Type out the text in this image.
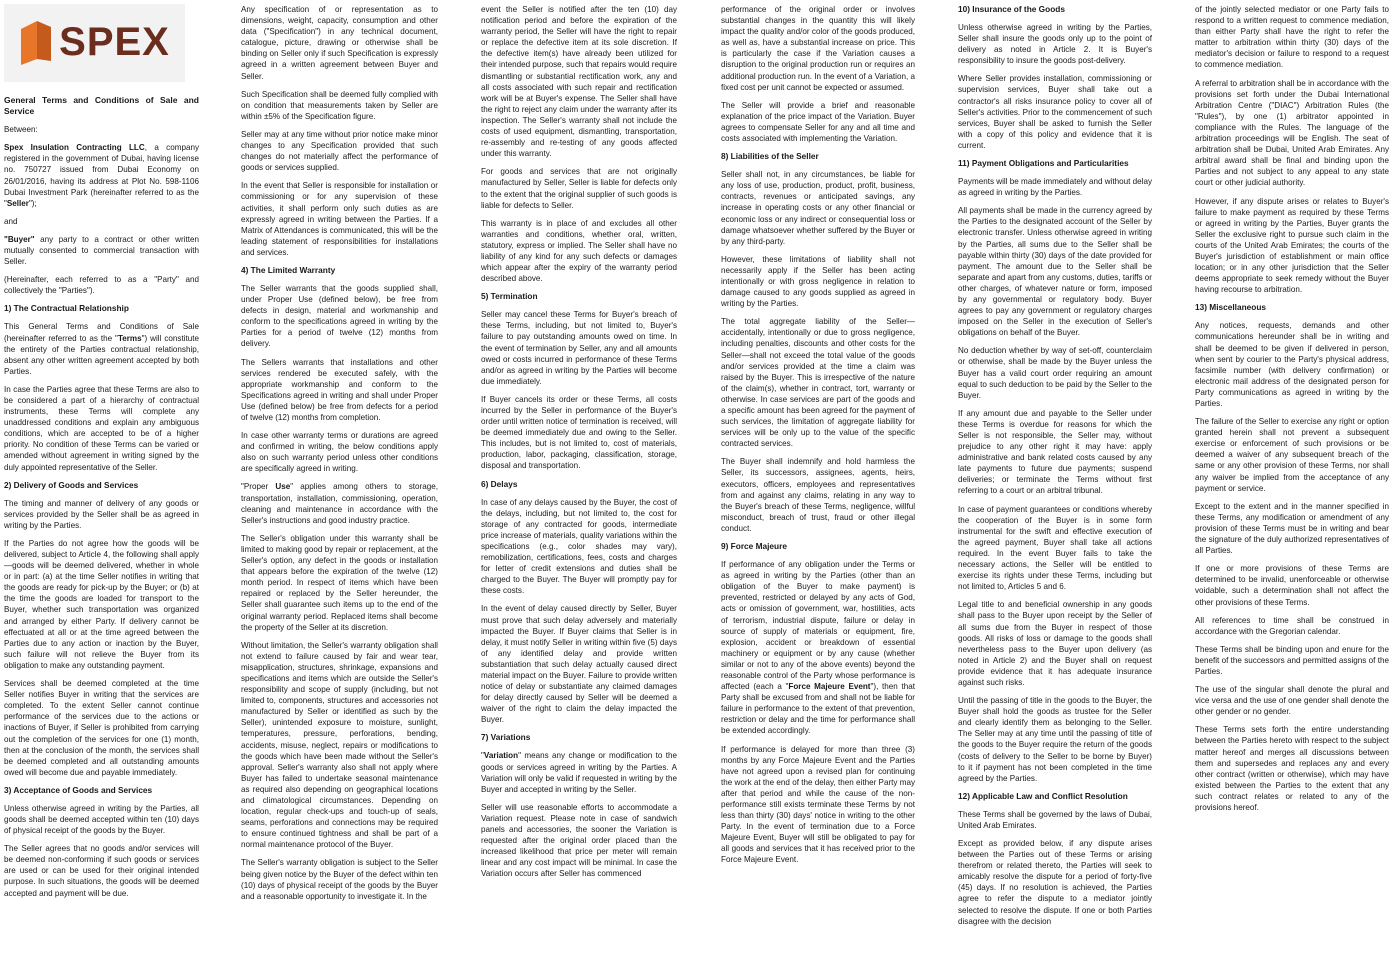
SPEX

General Terms and Conditions of Sale and Service

Between:

Spex Insulation Contracting LLC, a company registered in the government of Dubai, having license no. 750727 issued from Dubai Economy on 26/01/2016, having its address at Plot No. 598-1106 Dubai Investment Park (hereinafter referred to as the "Seller");

and

"Buyer" any party to a contract or other written mutually consented to commercial transaction with Seller.

(Hereinafter, each referred to as a "Party" and collectively the "Parties").

1) The Contractual Relationship

This General Terms and Conditions of Sale (hereinafter referred to as the "Terms") will constitute the entirety of the Parties contractual relationship, absent any other written agreement accepted by both Parties.

In case the Parties agree that these Terms are also to be considered a part of a hierarchy of contractual instruments, these Terms will complete any unaddressed conditions and explain any ambiguous conditions, which are accepted to be of a higher priority. No condition of these Terms can be varied or amended without agreement in writing signed by the duly appointed representative of the Seller.

2) Delivery of Goods and Services

The timing and manner of delivery of any goods or services provided by the Seller shall be as agreed in writing by the Parties.

If the Parties do not agree how the goods will be delivered, subject to Article 4, the following shall apply—goods will be deemed delivered, whether in whole or in part: (a) at the time Seller notifies in writing that the goods are ready for pick-up by the Buyer; or (b) at the time the goods are loaded for transport to the Buyer, whether such transportation was organized and arranged by either Party. If delivery cannot be effectuated at all or at the time agreed between the Parties due to any action or inaction by the Buyer, such failure will not relieve the Buyer from its obligation to make any outstanding payment.

Services shall be deemed completed at the time Seller notifies Buyer in writing that the services are completed. To the extent Seller cannot continue performance of the services due to the actions or inactions of Buyer, if Seller is prohibited from carrying out the completion of the services for one (1) month, then at the conclusion of the month, the services shall be deemed completed and all outstanding amounts owed will become due and payable immediately.

3) Acceptance of Goods and Services

Unless otherwise agreed in writing by the Parties, all goods shall be deemed accepted within ten (10) days of physical receipt of the goods by the Buyer.

The Seller agrees that no goods and/or services will be deemed non-conforming if such goods or services are used or can be used for their original intended purpose. In such situations, the goods will be deemed accepted and payment will be due.

Any specification of or representation as to dimensions, weight, capacity, consumption and other data ("Specification") in any technical document, catalogue, picture, drawing or otherwise shall be binding on Seller only if such Specification is expressly agreed in a written agreement between Buyer and Seller.

Such Specification shall be deemed fully complied with on condition that measurements taken by Seller are within ±5% of the Specification figure.

Seller may at any time without prior notice make minor changes to any Specification provided that such changes do not materially affect the performance of goods or services supplied.

In the event that Seller is responsible for installation or commissioning or for any supervision of these activities, it shall perform only such duties as are expressly agreed in writing between the Parties. If a Matrix of Attendances is communicated, this will be the leading statement of responsibilities for installations and services.

4) The Limited Warranty

The Seller warrants that the goods supplied shall, under Proper Use (defined below), be free from defects in design, material and workmanship and conform to the specifications agreed in writing by the Parties for a period of twelve (12) months from delivery.

The Sellers warrants that installations and other services rendered be executed safely, with the appropriate workmanship and conform to the Specifications agreed in writing and shall under Proper Use (defined below) be free from defects for a period of twelve (12) months from completion.

In case other warranty terms or durations are agreed and confirmed in writing, the below conditions apply also on such warranty period unless other conditions are specifically agreed in writing.

"Proper Use" applies among others to storage, transportation, installation, commissioning, operation, cleaning and maintenance in accordance with the Seller's instructions and good industry practice.

The Seller's obligation under this warranty shall be limited to making good by repair or replacement, at the Seller's option, any defect in the goods or installation that appears before the expiration of the twelve (12) month period. In respect of items which have been repaired or replaced by the Seller hereunder, the Seller shall guarantee such items up to the end of the original warranty period. Replaced items shall become the property of the Seller at its discretion.

Without limitation, the Seller's warranty obligation shall not extend to failure caused by fair and wear tear, misapplication, structures, shrinkage, expansions and specifications and items which are outside the Seller's responsibility and scope of supply (including, but not limited to, components, structures and accessories not manufactured by Seller or identified as such by the Seller), unintended exposure to moisture, sunlight, temperatures, pressure, perforations, bending, accidents, misuse, neglect, repairs or modifications to the goods which have been made without the Seller's approval. Seller's warranty also shall not apply where Buyer has failed to undertake seasonal maintenance as required also depending on geographical locations and climatological circumstances. Depending on location, regular check-ups and touch-up of seals, seams, perforations and connections may be required to ensure continued tightness and shall be part of a normal maintenance protocol of the Buyer.

The Seller's warranty obligation is subject to the Seller being given notice by the Buyer of the defect within ten (10) days of physical receipt of the goods by the Buyer and a reasonable opportunity to investigate it. In the

event the Seller is notified after the ten (10) day notification period and before the expiration of the warranty period, the Seller will have the right to repair or replace the defective item at its sole discretion. If the defective item(s) have already been utilized for their intended purpose, such that repairs would require dismantling or substantial rectification work, any and all costs associated with such repair and rectification work will be at Buyer's expense. The Seller shall have the right to reject any claim under the warranty after its inspection. The Seller's warranty shall not include the costs of used equipment, dismantling, transportation, re-assembly and re-testing of any goods affected under this warranty.

For goods and services that are not originally manufactured by Seller, Seller is liable for defects only to the extent that the original supplier of such goods is liable for defects to Seller.

This warranty is in place of and excludes all other warranties and conditions, whether oral, written, statutory, express or implied. The Seller shall have no liability of any kind for any such defects or damages which appear after the expiry of the warranty period described above.

5) Termination

Seller may cancel these Terms for Buyer's breach of these Terms, including, but not limited to, Buyer's failure to pay outstanding amounts owed on time. In the event of termination by Seller, any and all amounts owed or costs incurred in performance of these Terms and/or as agreed in writing by the Parties will become due immediately.

If Buyer cancels its order or these Terms, all costs incurred by the Seller in performance of the Buyer's order until written notice of termination is received, will be deemed immediately due and owing to the Seller. This includes, but is not limited to, cost of materials, production, labor, packaging, classification, storage, disposal and transportation.

6) Delays

In case of any delays caused by the Buyer, the cost of the delays, including, but not limited to, the cost for storage of any contracted for goods, intermediate price increase of materials, quality variations within the specifications (e.g., color shades may vary), remobilization, certifications, fees, costs and charges for letter of credit extensions and duties shall be charged to the Buyer. The Buyer will promptly pay for these costs.

In the event of delay caused directly by Seller, Buyer must prove that such delay adversely and materially impacted the Buyer. If Buyer claims that Seller is in delay, it must notify Seller in writing within five (5) days of any identified delay and provide written substantiation that such delay actually caused direct material impact on the Buyer. Failure to provide written notice of delay or substantiate any claimed damages for delay directly caused by Seller will be deemed a waiver of the right to claim the delay impacted the Buyer.

7) Variations

"Variation" means any change or modification to the goods or services agreed in writing by the Parties. A Variation will only be valid if requested in writing by the Buyer and accepted in writing by the Seller.

Seller will use reasonable efforts to accommodate a Variation request. Please note in case of sandwich panels and accessories, the sooner the Variation is requested after the original order placed than the increased likelihood that price per meter will remain linear and any cost impact will be minimal. In case the Variation occurs after Seller has commenced

performance of the original order or involves substantial changes in the quantity this will likely impact the quality and/or color of the goods produced, as well as, have a substantial increase on price. This is particularly the case if the Variation causes a disruption to the original production run or requires an additional production run. In the event of a Variation, a fixed cost per unit cannot be expected or assumed.

The Seller will provide a brief and reasonable explanation of the price impact of the Variation. Buyer agrees to compensate Seller for any and all time and costs associated with implementing the Variation.

8) Liabilities of the Seller

Seller shall not, in any circumstances, be liable for any loss of use, production, product, profit, business, contracts, revenues or anticipated savings, any increase in operating costs or any other financial or economic loss or any indirect or consequential loss or damage whatsoever whether suffered by the Buyer or by any third-party.

However, these limitations of liability shall not necessarily apply if the Seller has been acting intentionally or with gross negligence in relation to damage caused to any goods supplied as agreed in writing by the Parties.

The total aggregate liability of the Seller—accidentally, intentionally or due to gross negligence, including penalties, discounts and other costs for the Seller—shall not exceed the total value of the goods and/or services provided at the time a claim was raised by the Buyer. This is irrespective of the nature of the claim(s), whether in contract, tort, warranty or otherwise. In case services are part of the goods and a specific amount has been agreed for the payment of such services, the limitation of aggregate liability for services will be only up to the value of the specific contracted services.

The Buyer shall indemnify and hold harmless the Seller, its successors, assignees, agents, heirs, executors, officers, employees and representatives from and against any claims, relating in any way to the Buyer's breach of these Terms, negligence, willful misconduct, breach of trust, fraud or other illegal conduct.

9) Force Majeure

If performance of any obligation under the Terms or as agreed in writing by the Parties (other than an obligation of the Buyer to make payment) is prevented, restricted or delayed by any acts of God, acts or omission of government, war, hostilities, acts of terrorism, industrial dispute, failure or delay in source of supply of materials or equipment, fire, explosion, accident or breakdown of essential machinery or equipment or by any cause (whether similar or not to any of the above events) beyond the reasonable control of the Party whose performance is affected (each a "Force Majeure Event"), then that Party shall be excused from and shall not be liable for failure in performance to the extent of that prevention, restriction or delay and the time for performance shall be extended accordingly.

If performance is delayed for more than three (3) months by any Force Majeure Event and the Parties have not agreed upon a revised plan for continuing the work at the end of the delay, then either Party may after that period and while the cause of the non-performance still exists terminate these Terms by not less than thirty (30) days' notice in writing to the other Party. In the event of termination due to a Force Majeure Event, Buyer will still be obligated to pay for all goods and services that it has received prior to the Force Majeure Event.

10) Insurance of the Goods

Unless otherwise agreed in writing by the Parties, Seller shall insure the goods only up to the point of delivery as noted in Article 2. It is Buyer's responsibility to insure the goods post-delivery.

Where Seller provides installation, commissioning or supervision services, Buyer shall take out a contractor's all risks insurance policy to cover all of Seller's activities. Prior to the commencement of such services, Buyer shall be asked to furnish the Seller with a copy of this policy and evidence that it is current.

11) Payment Obligations and Particularities

Payments will be made immediately and without delay as agreed in writing by the Parties.

All payments shall be made in the currency agreed by the Parties to the designated account of the Seller by electronic transfer. Unless otherwise agreed in writing by the Parties, all sums due to the Seller shall be payable within thirty (30) days of the date provided for payment. The amount due to the Seller shall be separate and apart from any customs, duties, tariffs or other charges, of whatever nature or form, imposed by any governmental or regulatory body. Buyer agrees to pay any government or regulatory charges imposed on the Seller in the execution of Seller's obligations on behalf of the Buyer.

No deduction whether by way of set-off, counterclaim or otherwise, shall be made by the Buyer unless the Buyer has a valid court order requiring an amount equal to such deduction to be paid by the Seller to the Buyer.

If any amount due and payable to the Seller under these Terms is overdue for reasons for which the Seller is not responsible, the Seller may, without prejudice to any other right it may have: apply administrative and bank related costs caused by any late payments to future due payments; suspend deliveries; or terminate the Terms without first referring to a court or an arbitral tribunal.

In case of payment guarantees or conditions whereby the cooperation of the Buyer is in some form instrumental for the swift and effective execution of the agreed payment, Buyer shall take all actions required. In the event Buyer fails to take the necessary actions, the Seller will be entitled to exercise its rights under these Terms, including but not limited to, Articles 5 and 6.

Legal title to and beneficial ownership in any goods shall pass to the Buyer upon receipt by the Seller of all sums due from the Buyer in respect of those goods. All risks of loss or damage to the goods shall nevertheless pass to the Buyer upon delivery (as noted in Article 2) and the Buyer shall on request provide evidence that it has adequate insurance against such risks.

Until the passing of title in the goods to the Buyer, the Buyer shall hold the goods as trustee for the Seller and clearly identify them as belonging to the Seller. The Seller may at any time until the passing of title of the goods to the Buyer require the return of the goods (costs of delivery to the Seller to be borne by Buyer) to it if payment has not been completed in the time agreed by the Parties.

12) Applicable Law and Conflict Resolution

These Terms shall be governed by the laws of Dubai, United Arab Emirates.

Except as provided below, if any dispute arises between the Parties out of these Terms or arising therefrom or related thereto, the Parties will seek to amicably resolve the dispute for a period of forty-five (45) days. If no resolution is achieved, the Parties agree to refer the dispute to a mediator jointly selected to resolve the dispute. If one or both Parties disagree with the decision

of the jointly selected mediator or one Party fails to respond to a written request to commence mediation, than either Party shall have the right to refer the matter to arbitration within thirty (30) days of the mediator's decision or failure to respond to a request to commence mediation.

A referral to arbitration shall be in accordance with the provisions set forth under the Dubai International Arbitration Centre ("DIAC") Arbitration Rules (the "Rules"), by one (1) arbitrator appointed in compliance with the Rules. The language of the arbitration proceedings will be English. The seat of arbitration shall be Dubai, United Arab Emirates. Any arbitral award shall be final and binding upon the Parties and not subject to any appeal to any state court or other judicial authority.

However, if any dispute arises or relates to Buyer's failure to make payment as required by these Terms or agreed in writing by the Parties, Buyer grants the Seller the exclusive right to pursue such claim in the courts of the United Arab Emirates; the courts of the Buyer's jurisdiction of establishment or main office location; or in any other jurisdiction that the Seller deems appropriate to seek remedy without the Buyer having recourse to arbitration.

13) Miscellaneous

Any notices, requests, demands and other communications hereunder shall be in writing and shall be deemed to be given if delivered in person, when sent by courier to the Party's physical address, facsimile number (with delivery confirmation) or electronic mail address of the designated person for Party communications as agreed in writing by the Parties.

The failure of the Seller to exercise any right or option granted herein shall not prevent a subsequent exercise or enforcement of such provisions or be deemed a waiver of any subsequent breach of the same or any other provision of these Terms, nor shall any waiver be implied from the acceptance of any payment or service.

Except to the extent and in the manner specified in these Terms, any modification or amendment of any provision of these Terms must be in writing and bear the signature of the duly authorized representatives of all Parties.

If one or more provisions of these Terms are determined to be invalid, unenforceable or otherwise voidable, such a determination shall not affect the other provisions of these Terms.

All references to time shall be construed in accordance with the Gregorian calendar.

These Terms shall be binding upon and enure for the benefit of the successors and permitted assigns of the Parties.

The use of the singular shall denote the plural and vice versa and the use of one gender shall denote the other gender or no gender.

These Terms sets forth the entire understanding between the Parties hereto with respect to the subject matter hereof and merges all discussions between them and supersedes and replaces any and every other contract (written or otherwise), which may have existed between the Parties to the extent that any such contract relates or related to any of the provisions hereof.
